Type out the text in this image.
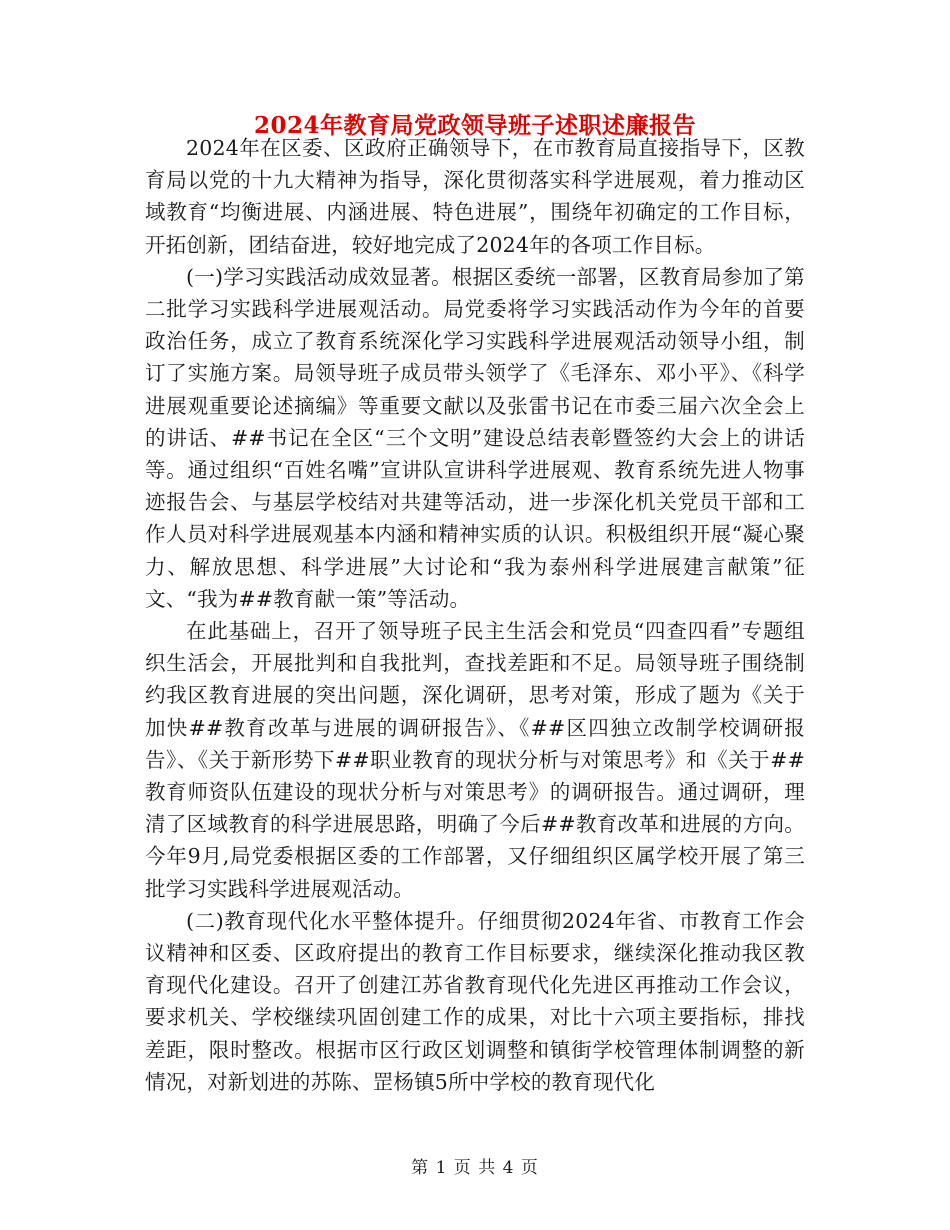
2024年教育局党政领导班子述职述廉报告

2024年在区委、区政府正确领导下，在市教育局直接指导下，区教育局以党的十九大精神为指导，深化贯彻落实科学进展观，着力推动区域教育“均衡进展、内涵进展、特色进展”，围绕年初确定的工作目标，开拓创新，团结奋进，较好地完成了2024年的各项工作目标。

(一)学习实践活动成效显著。根据区委统一部署，区教育局参加了第二批学习实践科学进展观活动。局党委将学习实践活动作为今年的首要政治任务，成立了教育系统深化学习实践科学进展观活动领导小组，制订了实施方案。局领导班子成员带头领学了《毛泽东、邓小平》、《科学进展观重要论述摘编》等重要文献以及张雷书记在市委三届六次全会上的讲话、##书记在全区“三个文明”建设总结表彰暨签约大会上的讲话等。通过组织“百姓名嘴”宣讲队宣讲科学进展观、教育系统先进人物事迹报告会、与基层学校结对共建等活动，进一步深化机关党员干部和工作人员对科学进展观基本内涵和精神实质的认识。积极组织开展“凝心聚力、解放思想、科学进展”大讨论和“我为泰州科学进展建言献策”征文、“我为##教育献一策”等活动。

在此基础上，召开了领导班子民主生活会和党员“四查四看”专题组织生活会，开展批判和自我批判，查找差距和不足。局领导班子围绕制约我区教育进展的突出问题，深化调研，思考对策，形成了题为《关于加快##教育改革与进展的调研报告》、《##区四独立改制学校调研报告》、《关于新形势下##职业教育的现状分析与对策思考》和《关于##教育师资队伍建设的现状分析与对策思考》的调研报告。通过调研，理清了区域教育的科学进展思路，明确了今后##教育改革和进展的方向。今年9月,局党委根据区委的工作部署，又仔细组织区属学校开展了第三批学习实践科学进展观活动。

(二)教育现代化水平整体提升。仔细贯彻2024年省、市教育工作会议精神和区委、区政府提出的教育工作目标要求，继续深化推动我区教育现代化建设。召开了创建江苏省教育现代化先进区再推动工作会议，要求机关、学校继续巩固创建工作的成果，对比十六项主要指标，排找差距，限时整改。根据市区行政区划调整和镇街学校管理体制调整的新情况，对新划进的苏陈、罡杨镇5所中学校的教育现代化

第 1 页 共 4 页
